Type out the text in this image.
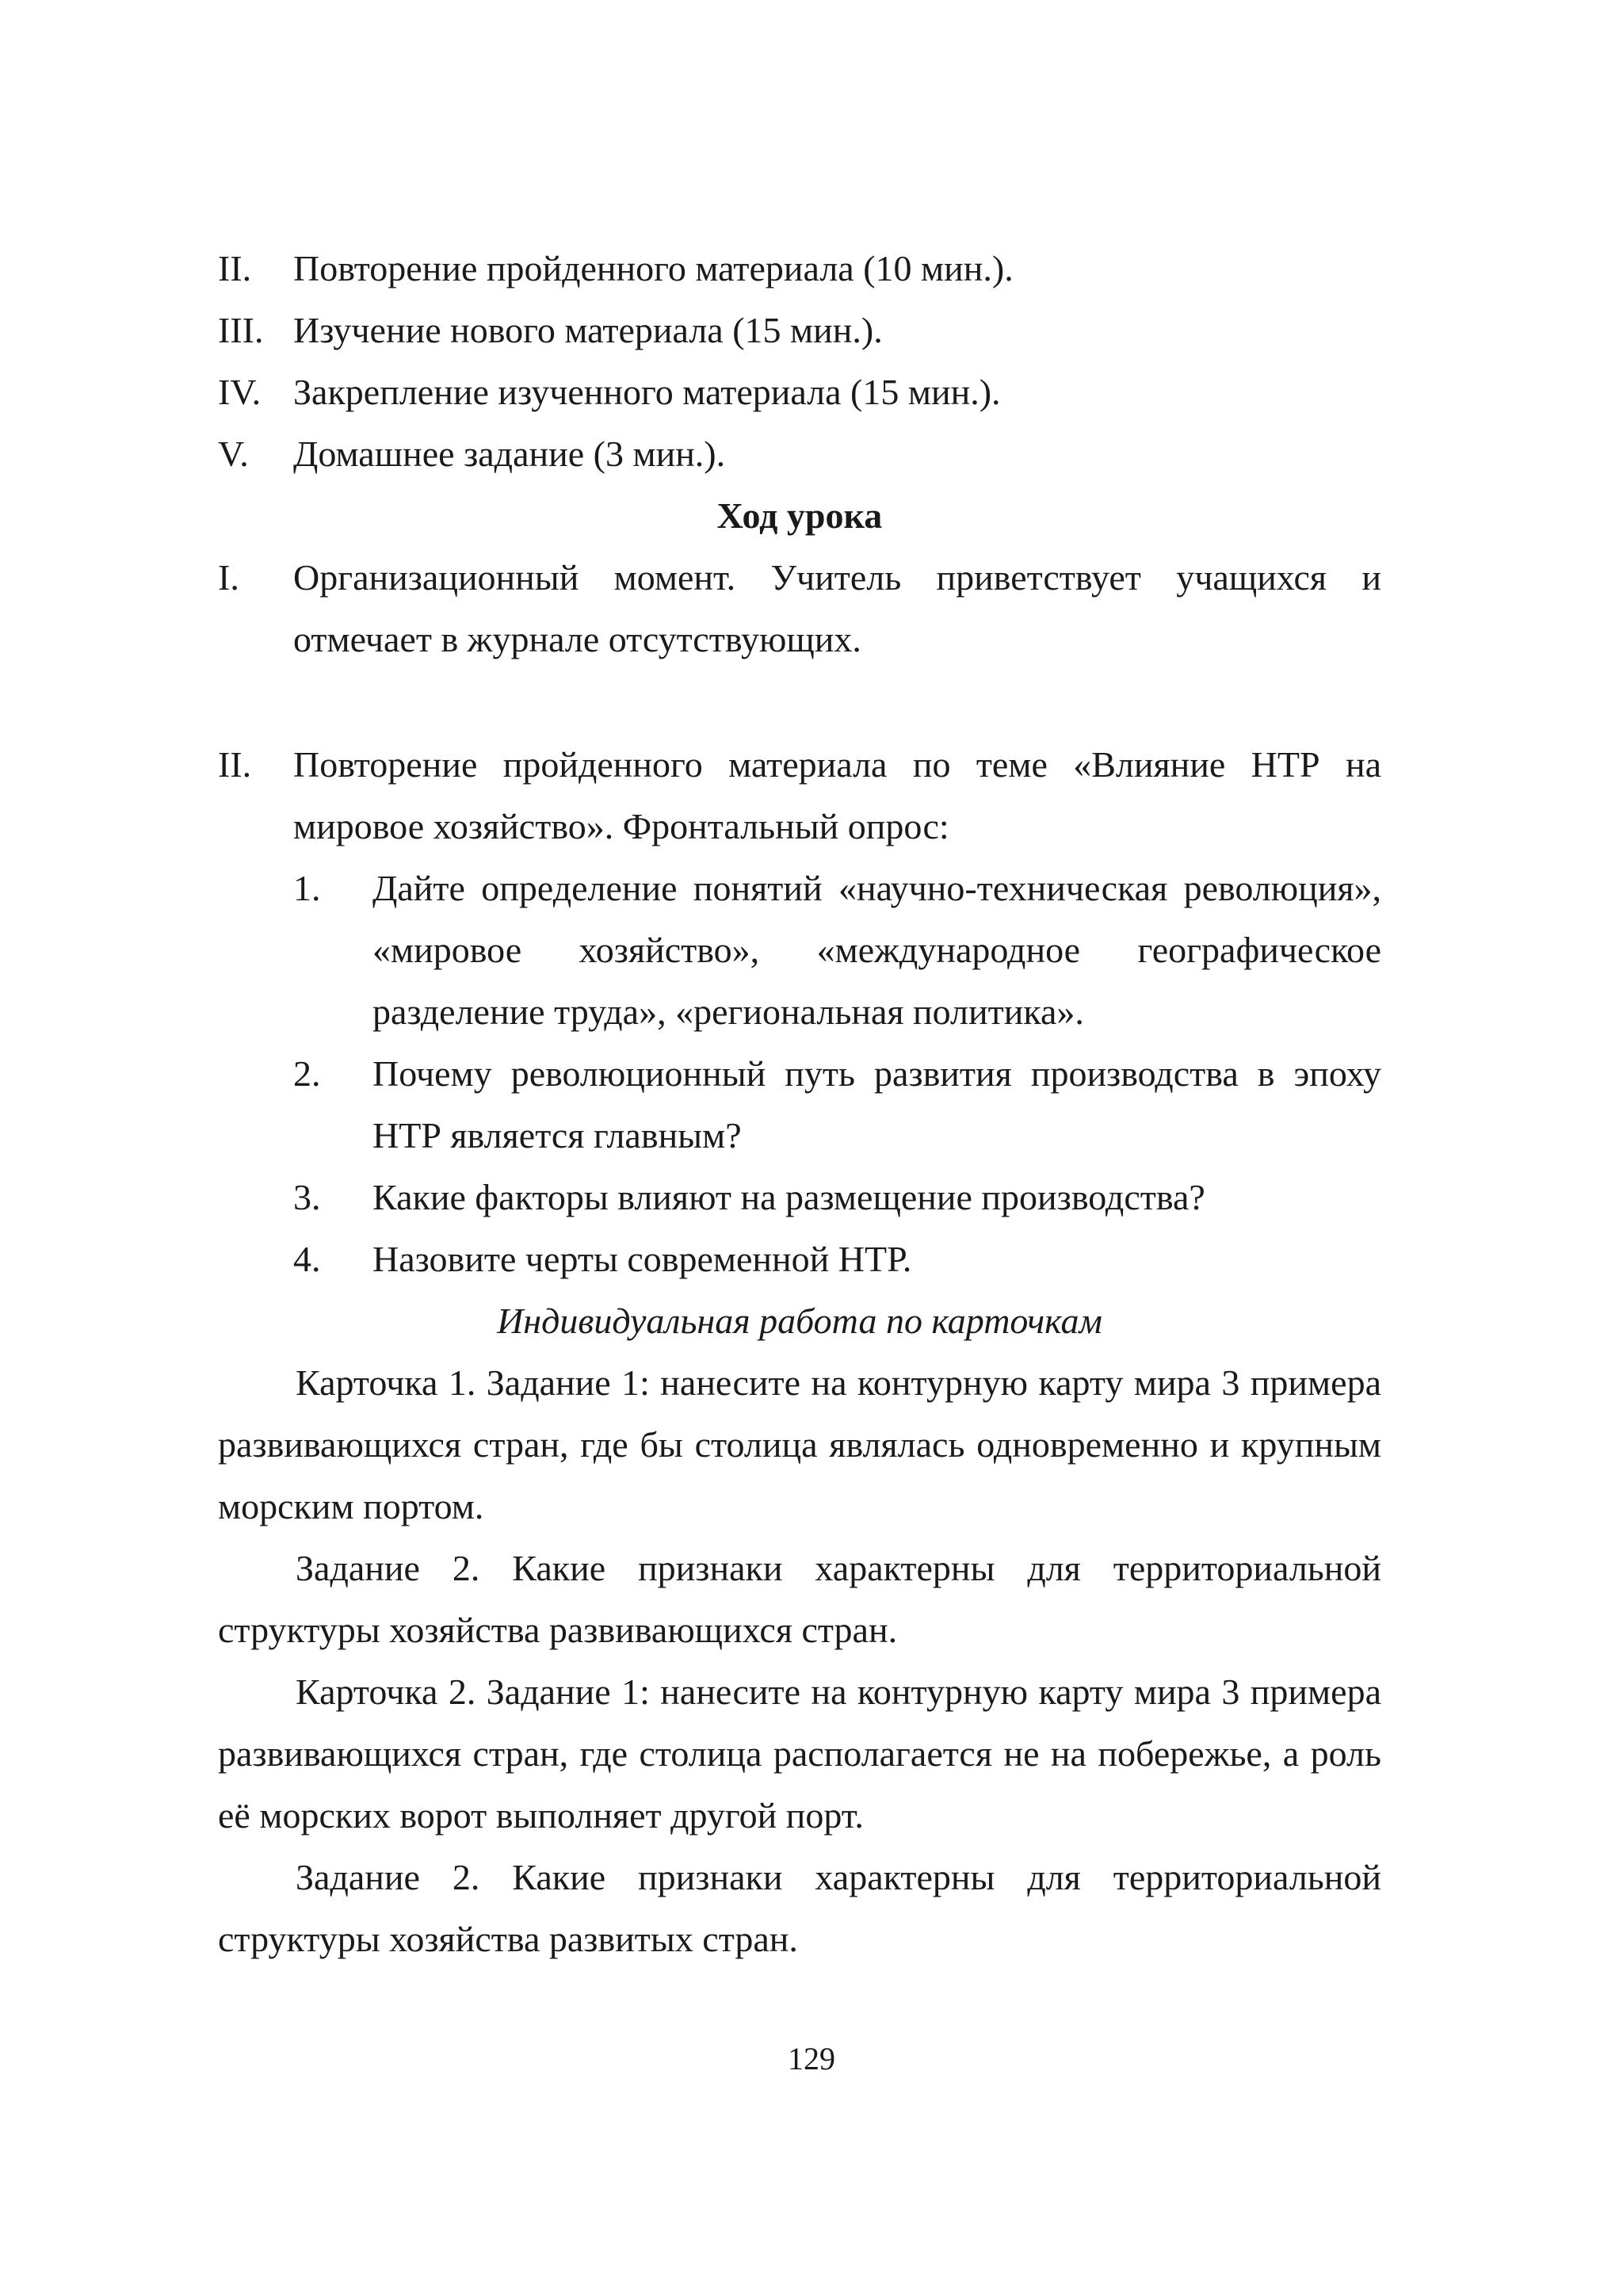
II.	Повторение пройденного материала (10 мин.).
III. Изучение нового материала (15 мин.).
IV. Закрепление изученного материала (15 мин.).
V.	Домашнее задание (3 мин.).
Ход урока
I.	Организационный момент. Учитель приветствует учащихся и отмечает в журнале отсутствующих.
II.	Повторение пройденного материала по теме «Влияние НТР на мировое хозяйство». Фронтальный опрос:
1.	Дайте определение понятий «научно-техническая революция», «мировое хозяйство», «международное географическое разделение труда», «региональная политика».
2.	Почему революционный путь развития производства в эпоху НТР является главным?
3.	Какие факторы влияют на размещение производства?
4.	Назовите черты современной НТР.
Индивидуальная работа по карточкам

Карточка 1. Задание 1: нанесите на контурную карту мира 3 примера развивающихся стран, где бы столица являлась одновременно и крупным морским портом.

Задание 2. Какие признаки характерны для территориальной структуры хозяйства развивающихся стран.

Карточка 2. Задание 1: нанесите на контурную карту мира 3 примера развивающихся стран, где столица располагается не на побережье, а роль её морских ворот выполняет другой порт.

Задание 2. Какие признаки характерны для территориальной структуры хозяйства развитых стран.

129
